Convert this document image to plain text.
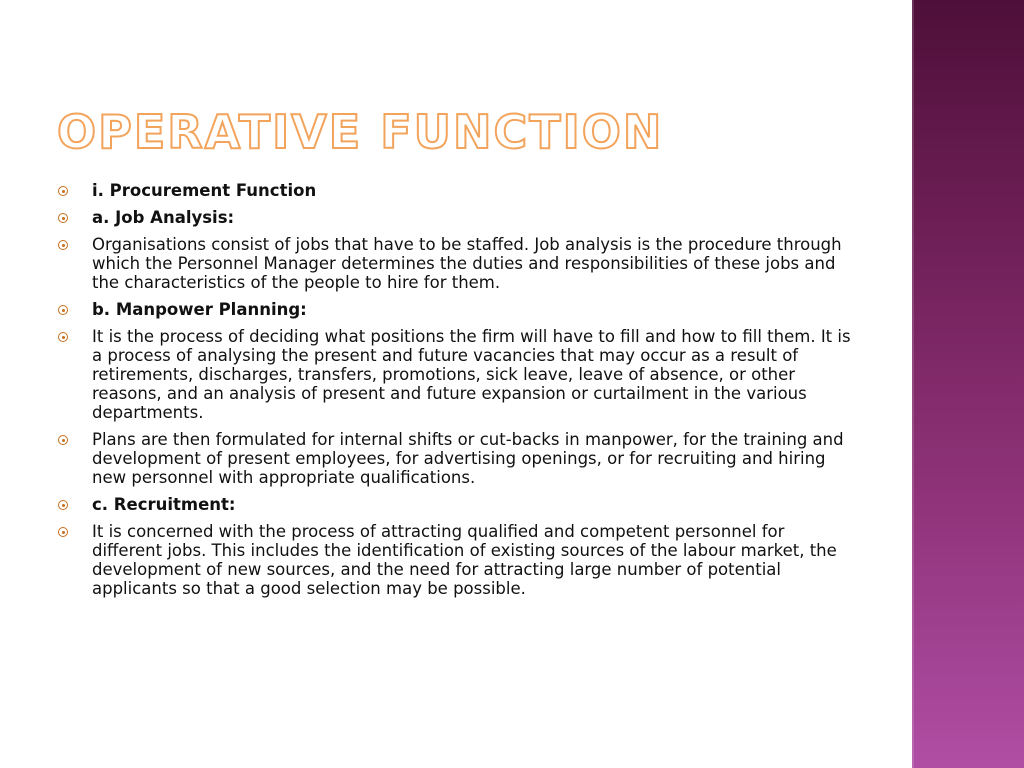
OPERATIVE FUNCTION
i. Procurement Function
a. Job Analysis:
Organisations consist of jobs that have to be staffed. Job analysis is the procedure through which the Personnel Manager determines the duties and responsibilities of these jobs and the characteristics of the people to hire for them.
b. Manpower Planning:
It is the process of deciding what positions the firm will have to fill and how to fill them. It is a process of analysing the present and future vacancies that may occur as a result of retirements, discharges, transfers, promotions, sick leave, leave of absence, or other reasons, and an analysis of present and future expansion or curtailment in the various departments.
Plans are then formulated for internal shifts or cut-backs in manpower, for the training and development of present employees, for advertising openings, or for recruiting and hiring new personnel with appropriate qualifications.
c. Recruitment:
It is concerned with the process of attracting qualified and competent personnel for different jobs. This includes the identification of existing sources of the labour market, the development of new sources, and the need for attracting large number of potential applicants so that a good selection may be possible.
